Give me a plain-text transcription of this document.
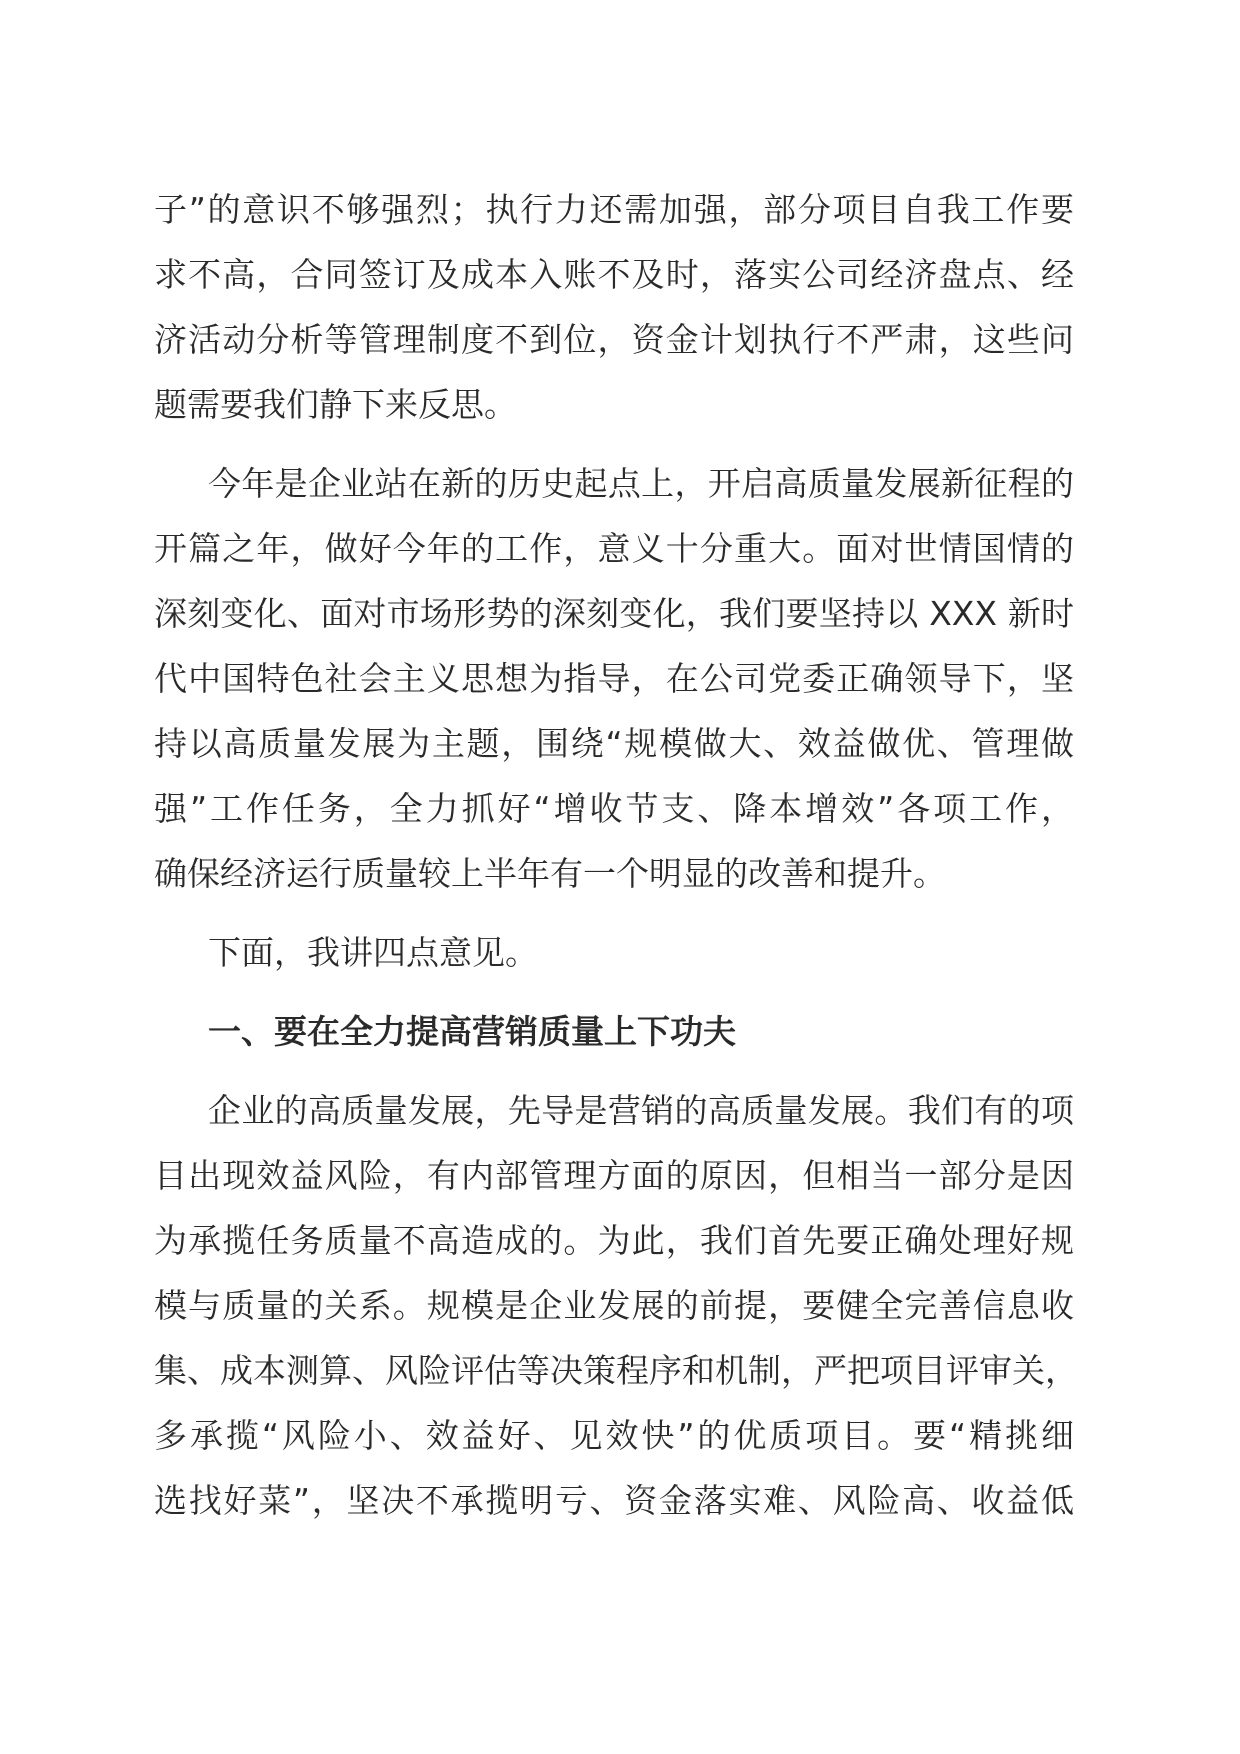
子”的意识不够强烈；执行力还需加强，部分项目自我工作要
求不高，合同签订及成本入账不及时，落实公司经济盘点、经
济活动分析等管理制度不到位，资金计划执行不严肃，这些问
题需要我们静下来反思。
今年是企业站在新的历史起点上，开启高质量发展新征程的
开篇之年，做好今年的工作，意义十分重大。面对世情国情的
深刻变化、面对市场形势的深刻变化，我们要坚持以 XXX 新时
代中国特色社会主义思想为指导，在公司党委正确领导下，坚
持以高质量发展为主题，围绕“规模做大、效益做优、管理做
强”工作任务，全力抓好“增收节支、降本增效”各项工作，
确保经济运行质量较上半年有一个明显的改善和提升。
下面，我讲四点意见。
一、要在全力提高营销质量上下功夫
企业的高质量发展，先导是营销的高质量发展。我们有的项
目出现效益风险，有内部管理方面的原因，但相当一部分是因
为承揽任务质量不高造成的。为此，我们首先要正确处理好规
模与质量的关系。规模是企业发展的前提，要健全完善信息收
集、成本测算、风险评估等决策程序和机制，严把项目评审关，
多承揽“风险小、效益好、见效快”的优质项目。要“精挑细
选找好菜”，坚决不承揽明亏、资金落实难、风险高、收益低
